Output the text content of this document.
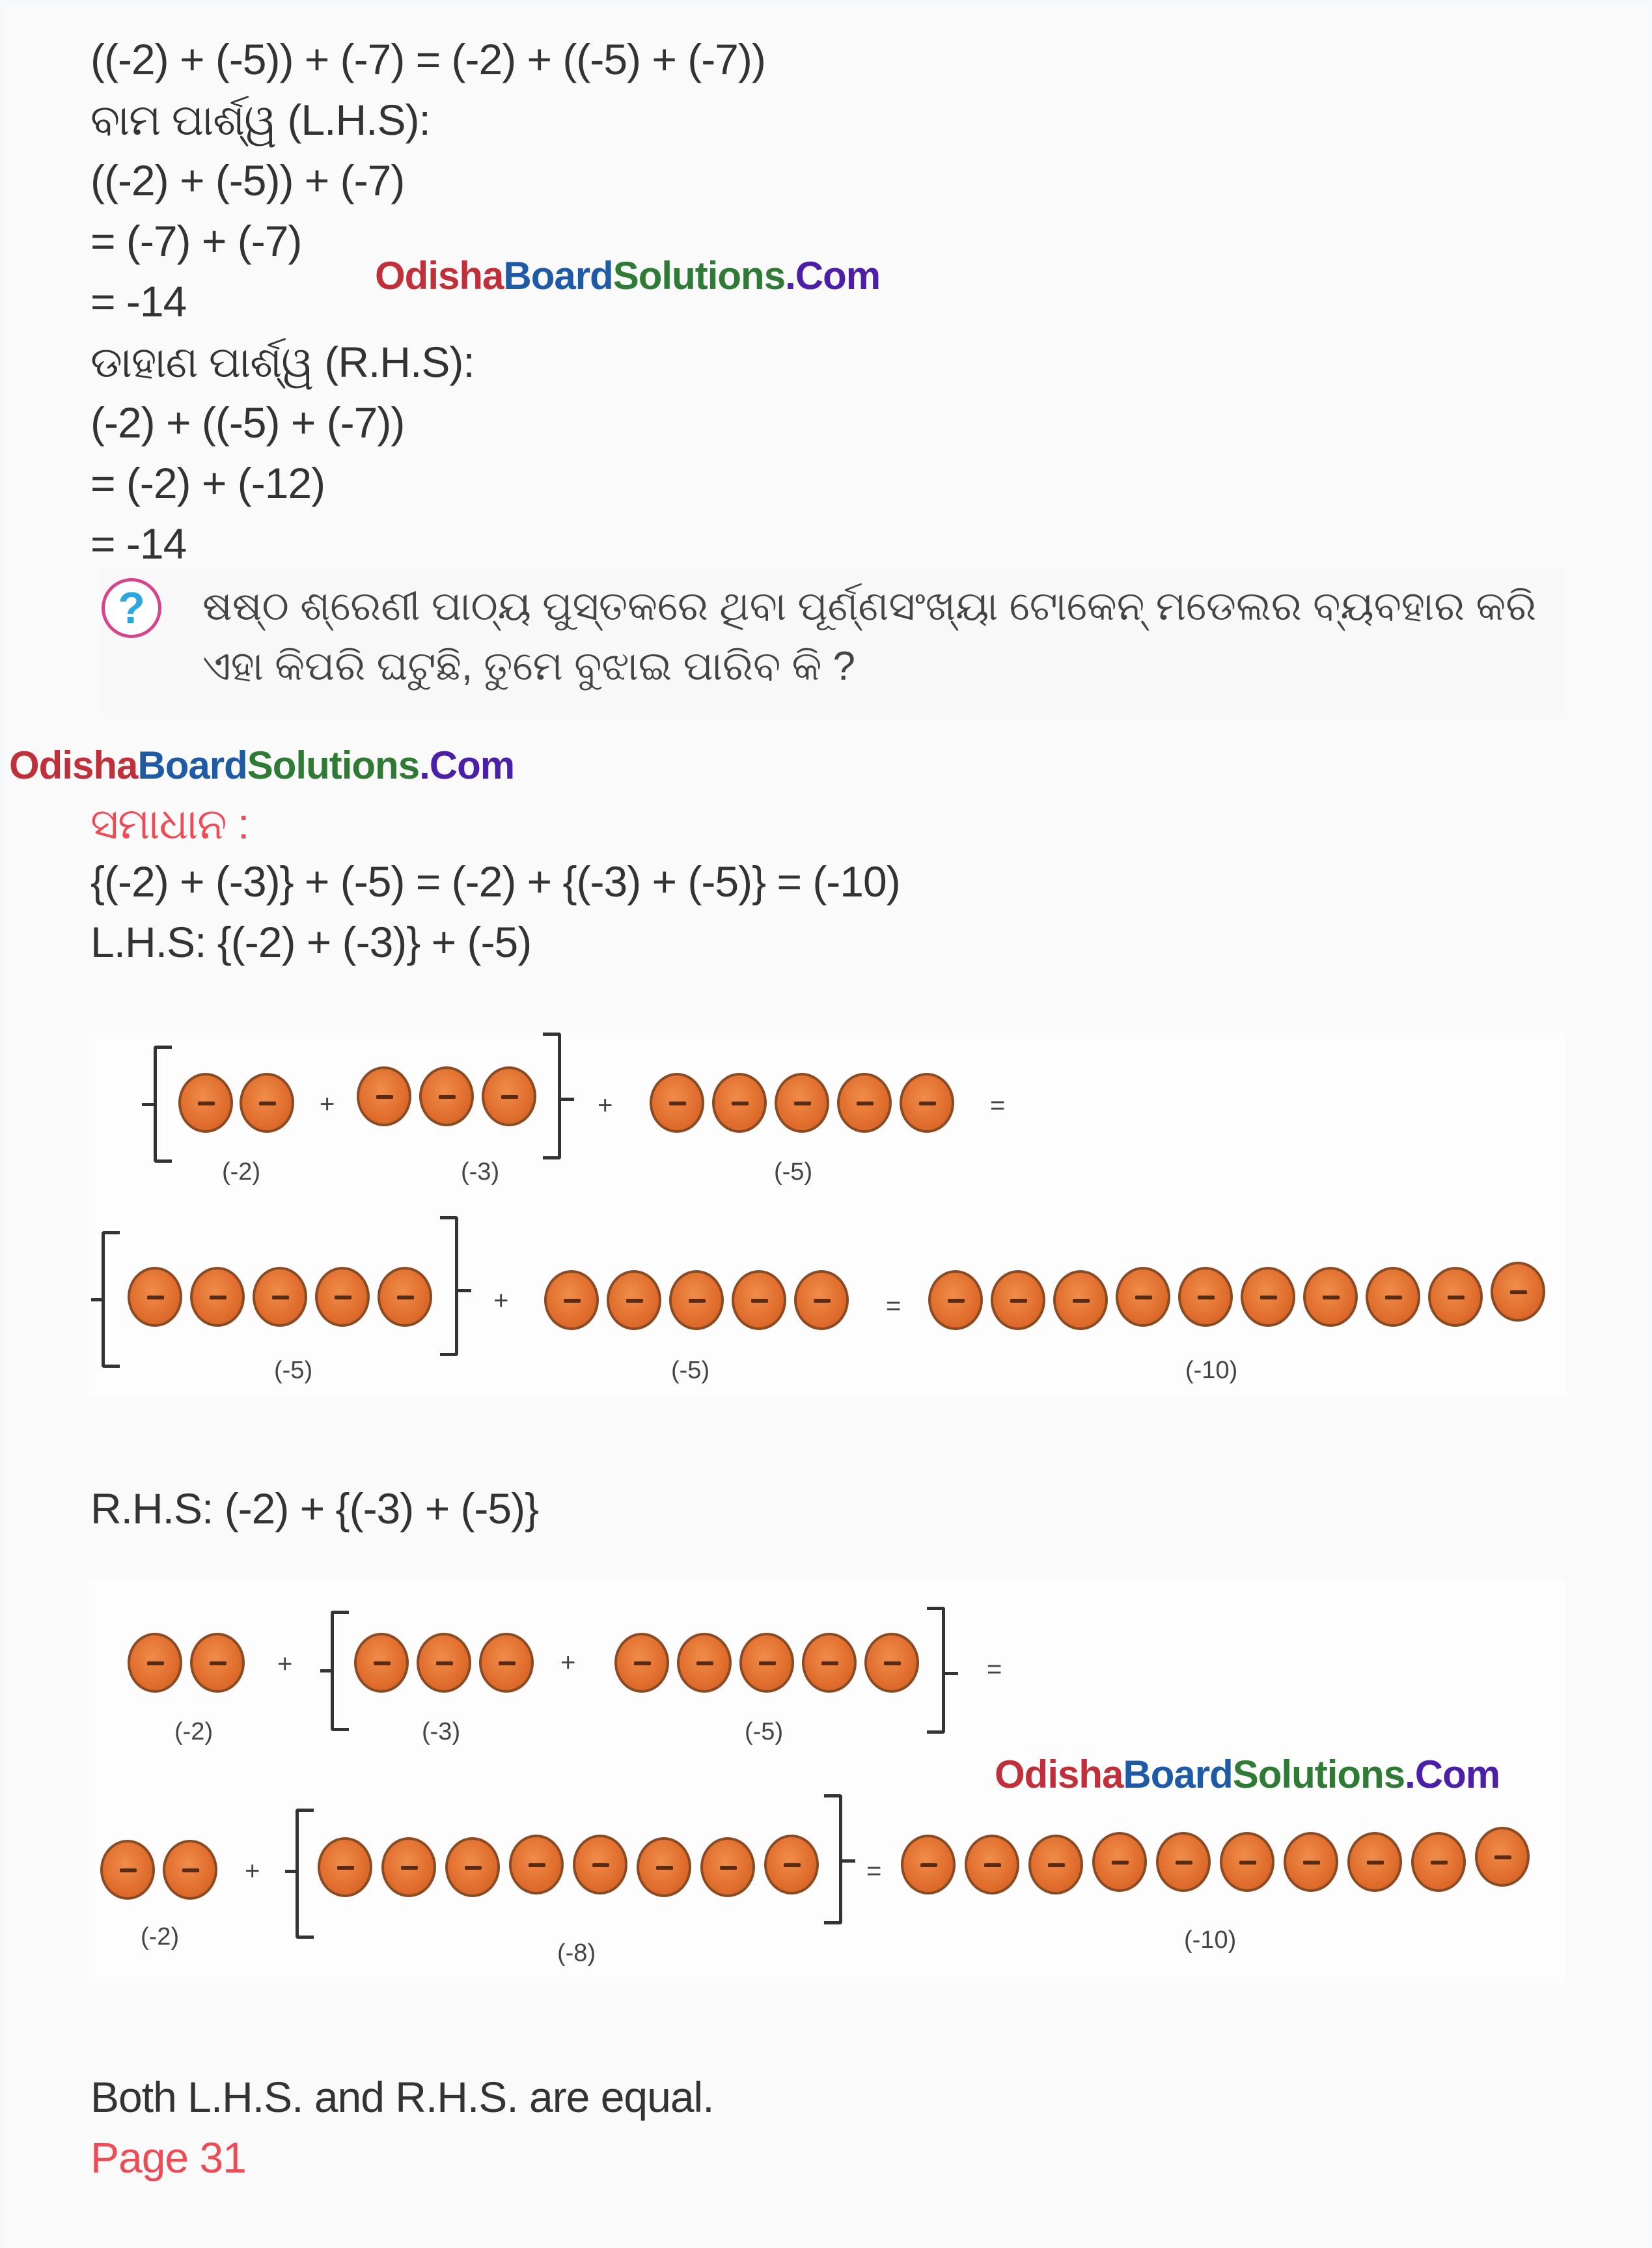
((-2) + (-5)) + (-7) = (-2) + ((-5) + (-7))
ବାମ ପାର୍ଶ୍ୱ (L.H.S):
((-2) + (-5)) + (-7)
= (-7) + (-7)
= -14
OdishaBoardSolutions.Com
ଡାହାଣ ପାର୍ଶ୍ୱ (R.H.S):
(-2) + ((-5) + (-7))
= (-2) + (-12)
= -14
?	ଷଷ୍ଠ ଶ୍ରେଣୀ ପାଠ୍ୟ ପୁସ୍ତକରେ ଥିବା ପୂର୍ଣ୍ଣସଂଖ୍ୟା ଟୋକେନ୍ ମଡେଲର ବ୍ୟବହାର କରି ଏହା କିପରି ଘଟୁଛି, ତୁମେ ବୁଝାଇ ପାରିବ କି ?
OdishaBoardSolutions.Com
ସମାଧାନ :
{(-2) + (-3)} + (-5) = (-2) + {(-3) + (-5)} = (-10)
L.H.S: {(-2) + (-3)} + (-5)
+	+	=
(-2)	(-3)	(-5)
+	=
(-5)	(-5)	(-10)
R.H.S: (-2) + {(-3) + (-5)}
+	+	=
(-2)	(-3)	(-5)
+	=
(-2)
(-8)	(-10)
OdishaBoardSolutions.Com
Both L.H.S. and R.H.S. are equal.
Page 31
